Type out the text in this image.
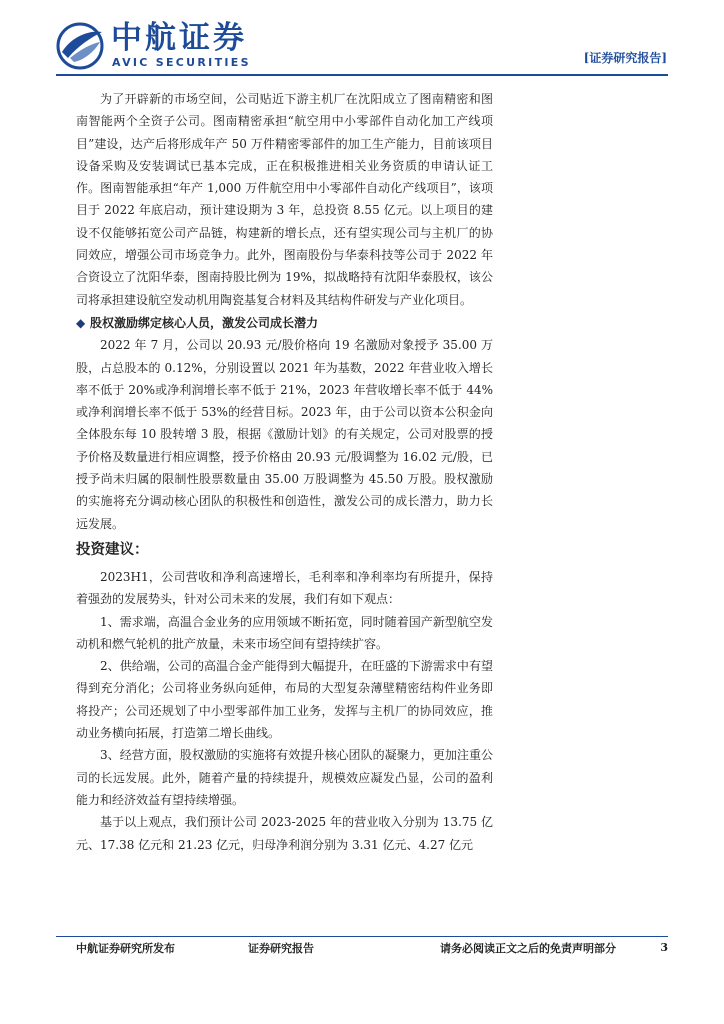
中航证券
AVIC SECURITIES	[证券研究报告]

为了开辟新的市场空间，公司贴近下游主机厂在沈阳成立了图南精密和图南智能两个全资子公司。图南精密承担“航空用中小零部件自动化加工产线项目”建设，达产后将形成年产 50 万件精密零部件的加工生产能力，目前该项目设备采购及安装调试已基本完成，正在积极推进相关业务资质的申请认证工作。图南智能承担“年产 1,000 万件航空用中小零部件自动化产线项目”，该项目于 2022 年底启动，预计建设期为 3 年，总投资 8.55 亿元。以上项目的建设不仅能够拓宽公司产品链，构建新的增长点，还有望实现公司与主机厂的协同效应，增强公司市场竞争力。此外，图南股份与华泰科技等公司于 2022 年合资设立了沈阳华泰，图南持股比例为 19%，拟战略持有沈阳华泰股权，该公司将承担建设航空发动机用陶瓷基复合材料及其结构件研发与产业化项目。

◆ 股权激励绑定核心人员，激发公司成长潜力

2022 年 7 月，公司以 20.93 元/股价格向 19 名激励对象授予 35.00 万股，占总股本的 0.12%，分别设置以 2021 年为基数，2022 年营业收入增长率不低于 20%或净利润增长率不低于 21%，2023 年营收增长率不低于 44%或净利润增长率不低于 53%的经营目标。2023 年，由于公司以资本公积金向全体股东每 10 股转增 3 股，根据《激励计划》的有关规定，公司对股票的授予价格及数量进行相应调整，授予价格由 20.93 元/股调整为 16.02 元/股，已授予尚未归属的限制性股票数量由 35.00 万股调整为 45.50 万股。股权激励的实施将充分调动核心团队的积极性和创造性，激发公司的成长潜力，助力长远发展。

投资建议：

2023H1，公司营收和净利高速增长，毛利率和净利率均有所提升，保持着强劲的发展势头，针对公司未来的发展，我们有如下观点：

1、需求端，高温合金业务的应用领域不断拓宽，同时随着国产新型航空发动机和燃气轮机的批产放量，未来市场空间有望持续扩容。

2、供给端，公司的高温合金产能得到大幅提升，在旺盛的下游需求中有望得到充分消化；公司将业务纵向延伸，布局的大型复杂薄壁精密结构件业务即将投产；公司还规划了中小型零部件加工业务，发挥与主机厂的协同效应，推动业务横向拓展，打造第二增长曲线。

3、经营方面，股权激励的实施将有效提升核心团队的凝聚力，更加注重公司的长远发展。此外，随着产量的持续提升，规模效应凝发凸显，公司的盈利能力和经济效益有望持续增强。

基于以上观点，我们预计公司 2023-2025 年的营业收入分别为 13.75 亿元、17.38 亿元和 21.23 亿元，归母净利润分别为 3.31 亿元、4.27 亿元

中航证券研究所发布	证券研究报告	请务必阅读正文之后的免责声明部分	3
